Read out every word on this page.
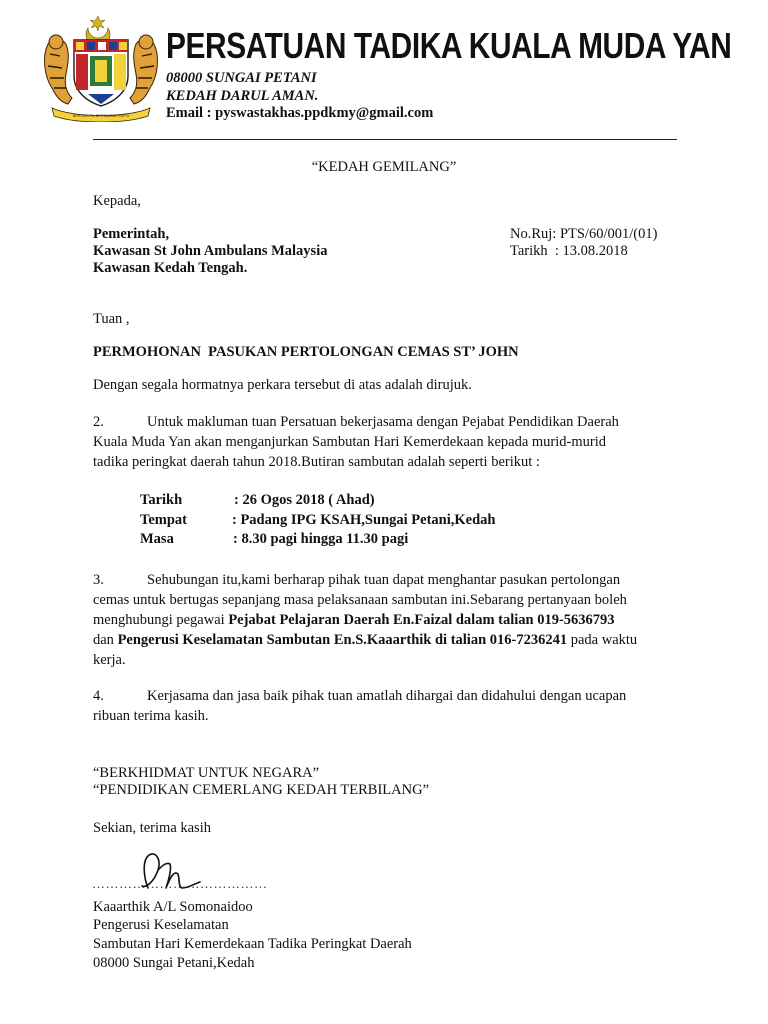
BERSEKUTU BERTAMBAH MUTU
PERSATUAN TADIKA KUALA MUDA YAN
08000 SUNGAI PETANI
KEDAH DARUL AMAN.
Email : pyswastakhas.ppdkmy@gmail.com
“KEDAH GEMILANG”
Kepada,
Pemerintah,
Kawasan St John Ambulans Malaysia
Kawasan Kedah Tengah.
No.Ruj: PTS/60/001/(01)
Tarikh  : 13.08.2018
Tuan ,
PERMOHONAN  PASUKAN PERTOLONGAN CEMAS ST’ JOHN
Dengan segala hormatnya perkara tersebut di atas adalah dirujuk.
2.	Untuk makluman tuan Persatuan bekerjasama dengan Pejabat Pendidikan Daerah
Kuala Muda Yan akan menganjurkan Sambutan Hari Kemerdekaan kepada murid-murid
tadika peringkat daerah tahun 2018.Butiran sambutan adalah seperti berikut :
Tarikh	: 26 Ogos 2018 ( Ahad)
Tempat	: Padang IPG KSAH,Sungai Petani,Kedah
Masa	: 8.30 pagi hingga 11.30 pagi
3.	Sehubungan itu,kami berharap pihak tuan dapat menghantar pasukan pertolongan
cemas untuk bertugas sepanjang masa pelaksanaan sambutan ini.Sebarang pertanyaan boleh
menghubungi pegawai Pejabat Pelajaran Daerah En.Faizal dalam talian 019-5636793
dan Pengerusi Keselamatan Sambutan En.S.Kaaarthik di talian 016-7236241 pada waktu
kerja.
4.	Kerjasama dan jasa baik pihak tuan amatlah dihargai dan didahului dengan ucapan
ribuan terima kasih.
“BERKHIDMAT UNTUK NEGARA”
“PENDIDIKAN CEMERLANG KEDAH TERBILANG”
Sekian, terima kasih
…………………………………
Kaaarthik A/L Somonaidoo
Pengerusi Keselamatan
Sambutan Hari Kemerdekaan Tadika Peringkat Daerah
08000 Sungai Petani,Kedah
